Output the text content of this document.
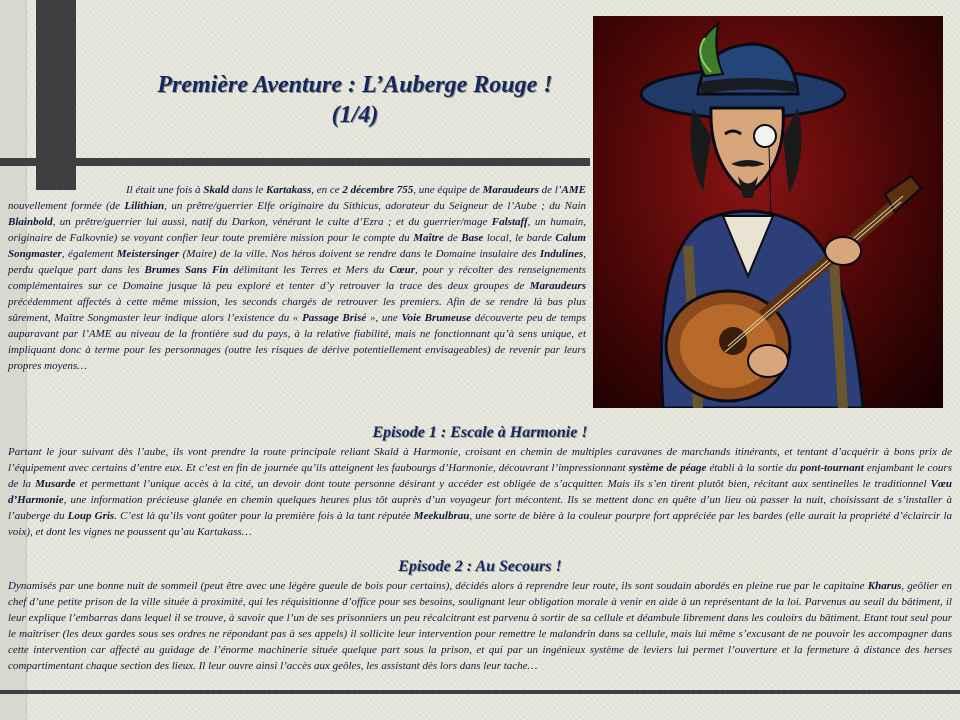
Première Aventure : L’Auberge Rouge !
(1/4)
Il était une fois à Skald dans le Kartakass, en ce 2 décembre 755, une équipe de Maraudeurs de l’AME nouvellement formée (de Lilithian, un prêtre/guerrier Elfe originaire du Sithicus, adorateur du Seigneur de l’Aube ; du Nain Blainbold, un prêtre/guerrier lui aussi, natif du Darkon, vénérant le culte d’Ezra ; et du guerrier/mage Falstaff, un humain, originaire de Falkovnie) se voyant confier leur toute première mission pour le compte du Maître de Base local, le barde Calum Songmaster, également Meistersinger (Maire) de la ville. Nos héros doivent se rendre dans le Domaine insulaire des Indulines, perdu quelque part dans les Brumes Sans Fin délimitant les Terres et Mers du Cœur, pour y récolter des renseignements complémentaires sur ce Domaine jusque là peu exploré et tenter d’y retrouver la trace des deux groupes de Maraudeurs précédemment affectés à cette même mission, les seconds chargés de retrouver les premiers. Afin de se rendre là bas plus sûrement, Maître Songmaster leur indique alors l’existence du « Passage Brisé », une Voie Brumeuse découverte peu de temps auparavant par l’AME au niveau de la frontière sud du pays, à la relative fiabilité, mais ne fonctionnant qu’à sens unique, et impliquant donc à terme pour les personnages (outre les risques de dérive potentiellement envisageables) de revenir par leurs propres moyens…
Episode 1 : Escale à Harmonie !
Partant le jour suivant dès l’aube, ils vont prendre la route principale reliant Skald à Harmonie, croisant en chemin de multiples caravanes de marchands itinérants, et tentant d’acquérir à bons prix de l’équipement avec certains d’entre eux. Et c’est en fin de journée qu’ils atteignent les faubourgs d’Harmonie, découvrant l’impressionnant système de péage établi à la sortie du pont-tournant enjambant le cours de la Musarde et permettant l’unique accès à la cité, un devoir dont toute personne désirant y accéder est obligée de s’acquitter. Mais ils s’en tirent plutôt bien, récitant aux sentinelles le traditionnel Vœu d’Harmonie, une information précieuse glanée en chemin quelques heures plus tôt auprès d’un voyageur fort mécontent. Ils se mettent donc en quête d’un lieu où passer la nuit, choisissant de s’installer à l’auberge du Loup Gris. C’est là qu’ils vont goûter pour la première fois à la tant réputée Meekulbrau, une sorte de bière à la couleur pourpre fort appréciée par les bardes (elle aurait la propriété d’éclaircir la voix), et dont les vignes ne poussent qu’au Kartakass…
Episode 2 : Au Secours !
Dynamisés par une bonne nuit de sommeil (peut être avec une légère gueule de bois pour certains), décidés alors à reprendre leur route, ils sont soudain abordés en pleine rue par le capitaine Kharus, geôlier en chef d’une petite prison de la ville située à proximité, qui les réquisitionne d’office pour ses besoins, soulignant leur obligation morale à venir en aide à un représentant de la loi. Parvenus au seuil du bâtiment, il leur explique l’embarras dans lequel il se trouve, à savoir que l’un de ses prisonniers un peu récalcitrant est parvenu à sortir de sa cellule et déambule librement dans les couloirs du bâtiment. Etant tout seul pour le maîtriser (les deux gardes sous ses ordres ne répondant pas à ses appels) il sollicite leur intervention pour remettre le malandrin dans sa cellule, mais lui même s’excusant de ne pouvoir les accompagner dans cette intervention car affecté au guidage de l’énorme machinerie située quelque part sous la prison, et qui par un ingénieux système de leviers lui permet l’ouverture et la fermeture à distance des herses compartimentant chaque section des lieux. Il leur ouvre ainsi l’accès aux geôles, les assistant dès lors dans leur tache…
